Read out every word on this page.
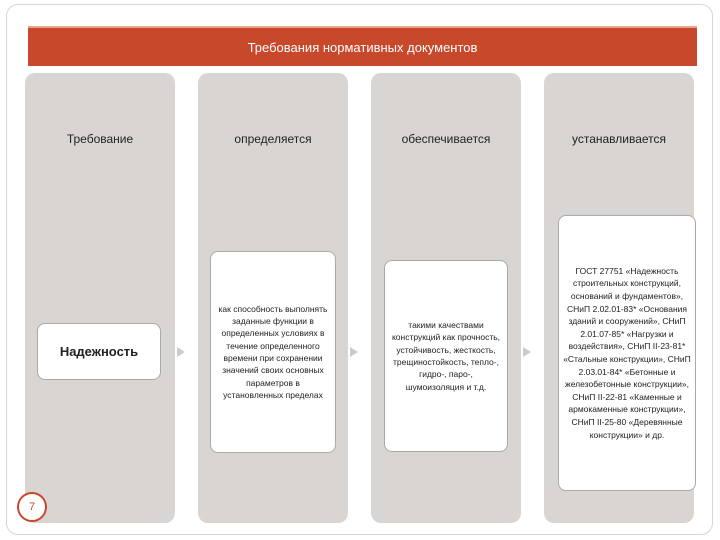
Требования нормативных документов
Требование	определяется	обеспечивается	устанавливается
Надежность
как способность выполнять заданные функции в определенных условиях в течение определенного времени при сохранении значений своих основных параметров в установленных пределах
такими качествами конструкций как прочность, устойчивость, жесткость, трещиностойкость, тепло-, гидро-, паро-, шумоизоляция и т.д.
ГОСТ 27751 «Надежность строительных конструкций, оснований и фундаментов», СНиП 2.02.01-83* «Основания зданий и сооружений», СНиП 2.01.07-85* «Нагрузки и воздействия», СНиП II-23-81* «Стальные конструкции», СНиП 2.03.01-84* «Бетонные и железобетонные конструкции», СНиП II-22-81 «Каменные и армокаменные конструкции», СНиП II-25-80 «Деревянные конструкции» и др.
7
